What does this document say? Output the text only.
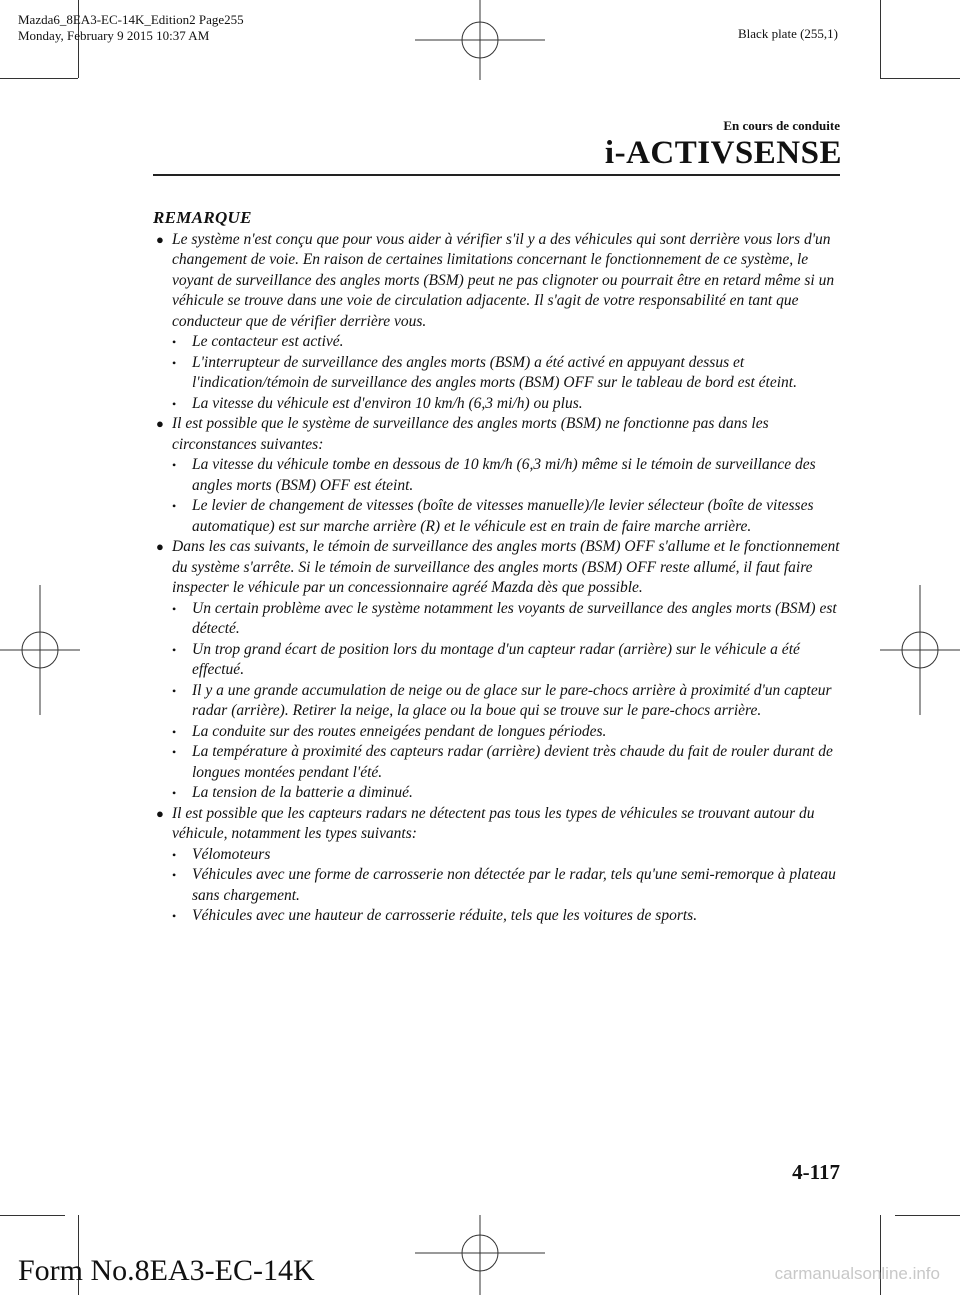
Mazda6_8EA3-EC-14K_Edition2 Page255
Monday, February 9 2015 10:37 AM	Black plate (255,1)
En cours de conduite
i-ACTIVSENSE
REMARQUE
● Le système n'est conçu que pour vous aider à vérifier s'il y a des véhicules qui sont derrière vous lors d'un changement de voie. En raison de certaines limitations concernant le fonctionnement de ce système, le voyant de surveillance des angles morts (BSM) peut ne pas clignoter ou pourrait être en retard même si un véhicule se trouve dans une voie de circulation adjacente. Il s'agit de votre responsabilité en tant que conducteur que de vérifier derrière vous.
• Le contacteur est activé.
• L'interrupteur de surveillance des angles morts (BSM) a été activé en appuyant dessus et l'indication/témoin de surveillance des angles morts (BSM) OFF sur le tableau de bord est éteint.
• La vitesse du véhicule est d'environ 10 km/h (6,3 mi/h) ou plus.
● Il est possible que le système de surveillance des angles morts (BSM) ne fonctionne pas dans les circonstances suivantes:
• La vitesse du véhicule tombe en dessous de 10 km/h (6,3 mi/h) même si le témoin de surveillance des angles morts (BSM) OFF est éteint.
• Le levier de changement de vitesses (boîte de vitesses manuelle)/le levier sélecteur (boîte de vitesses automatique) est sur marche arrière (R) et le véhicule est en train de faire marche arrière.
● Dans les cas suivants, le témoin de surveillance des angles morts (BSM) OFF s'allume et le fonctionnement du système s'arrête. Si le témoin de surveillance des angles morts (BSM) OFF reste allumé, il faut faire inspecter le véhicule par un concessionnaire agréé Mazda dès que possible.
• Un certain problème avec le système notamment les voyants de surveillance des angles morts (BSM) est détecté.
• Un trop grand écart de position lors du montage d'un capteur radar (arrière) sur le véhicule a été effectué.
• Il y a une grande accumulation de neige ou de glace sur le pare-chocs arrière à proximité d'un capteur radar (arrière). Retirer la neige, la glace ou la boue qui se trouve sur le pare-chocs arrière.
• La conduite sur des routes enneigées pendant de longues périodes.
• La température à proximité des capteurs radar (arrière) devient très chaude du fait de rouler durant de longues montées pendant l'été.
• La tension de la batterie a diminué.
● Il est possible que les capteurs radars ne détectent pas tous les types de véhicules se trouvant autour du véhicule, notamment les types suivants:
• Vélomoteurs
• Véhicules avec une forme de carrosserie non détectée par le radar, tels qu'une semi-remorque à plateau sans chargement.
• Véhicules avec une hauteur de carrosserie réduite, tels que les voitures de sports.
4-117
Form No.8EA3-EC-14K	carmanualsonline.info
